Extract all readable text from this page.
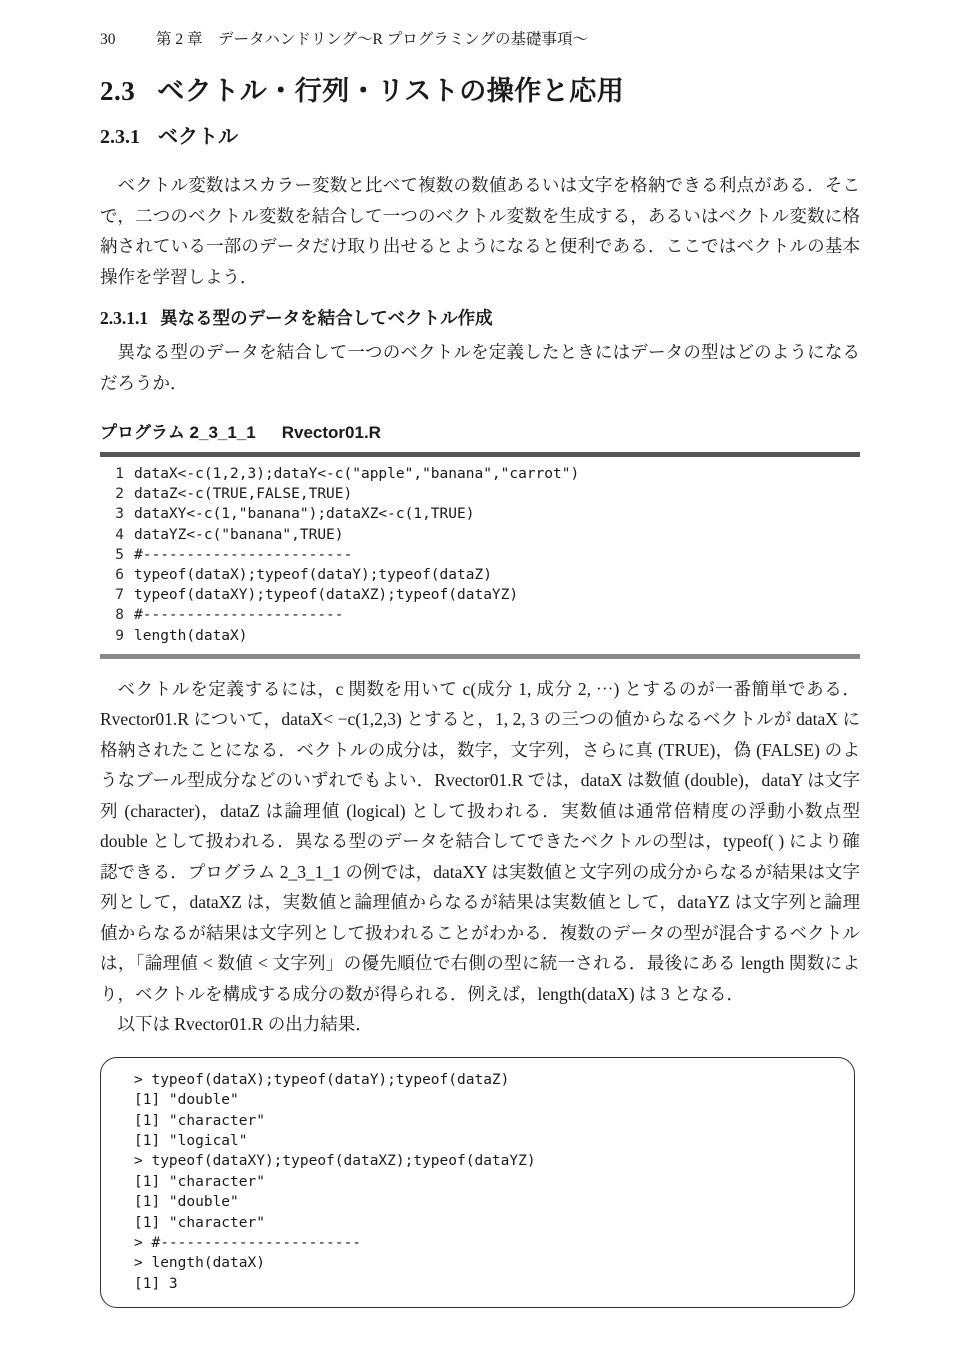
30	第 2 章　データハンドリング〜R プログラミングの基礎事項〜
2.3 ベクトル・行列・リストの操作と応用
2.3.1 ベクトル

ベクトル変数はスカラー変数と比べて複数の数値あるいは文字を格納できる利点がある．そこで，二つのベクトル変数を結合して一つのベクトル変数を生成する，あるいはベクトル変数に格納されている一部のデータだけ取り出せるとようになると便利である．ここではベクトルの基本操作を学習しよう．

2.3.1.1 異なる型のデータを結合してベクトル作成

異なる型のデータを結合して一つのベクトルを定義したときにはデータの型はどのようになるだろうか．

プログラム 2_3_1_1 Rvector01.R
1 dataX<-c(1,2,3);dataY<-c("apple","banana","carrot")
2 dataZ<-c(TRUE,FALSE,TRUE)
3 dataXY<-c(1,"banana");dataXZ<-c(1,TRUE)
4 dataYZ<-c("banana",TRUE)
5 #------------------------
6 typeof(dataX);typeof(dataY);typeof(dataZ)
7 typeof(dataXY);typeof(dataXZ);typeof(dataYZ)
8 #-----------------------
9 length(dataX)

ベクトルを定義するには，c 関数を用いて c(成分 1, 成分 2, ⋯) とするのが一番簡単である．Rvector01.R について，dataX< −c(1,2,3) とすると，1, 2, 3 の三つの値からなるベクトルが dataX に格納されたことになる．ベクトルの成分は，数字，文字列，さらに真 (TRUE)，偽 (FALSE) のようなブール型成分などのいずれでもよい．Rvector01.R では，dataX は数値 (double)，dataY は文字列 (character)，dataZ は論理値 (logical) として扱われる．実数値は通常倍精度の浮動小数点型 double として扱われる．異なる型のデータを結合してできたベクトルの型は，typeof( ) により確認できる．プログラム 2_3_1_1 の例では，dataXY は実数値と文字列の成分からなるが結果は文字列として，dataXZ は，実数値と論理値からなるが結果は実数値として，dataYZ は文字列と論理値からなるが結果は文字列として扱われることがわかる．複数のデータの型が混合するベクトルは，「論理値 < 数値 < 文字列」の優先順位で右側の型に統一される．最後にある length 関数により，ベクトルを構成する成分の数が得られる．例えば，length(dataX) は 3 となる．

以下は Rvector01.R の出力結果．

> typeof(dataX);typeof(dataY);typeof(dataZ)
[1] "double"
[1] "character"
[1] "logical"
> typeof(dataXY);typeof(dataXZ);typeof(dataYZ)
[1] "character"
[1] "double"
[1] "character"
> #-----------------------
> length(dataX)
[1] 3
